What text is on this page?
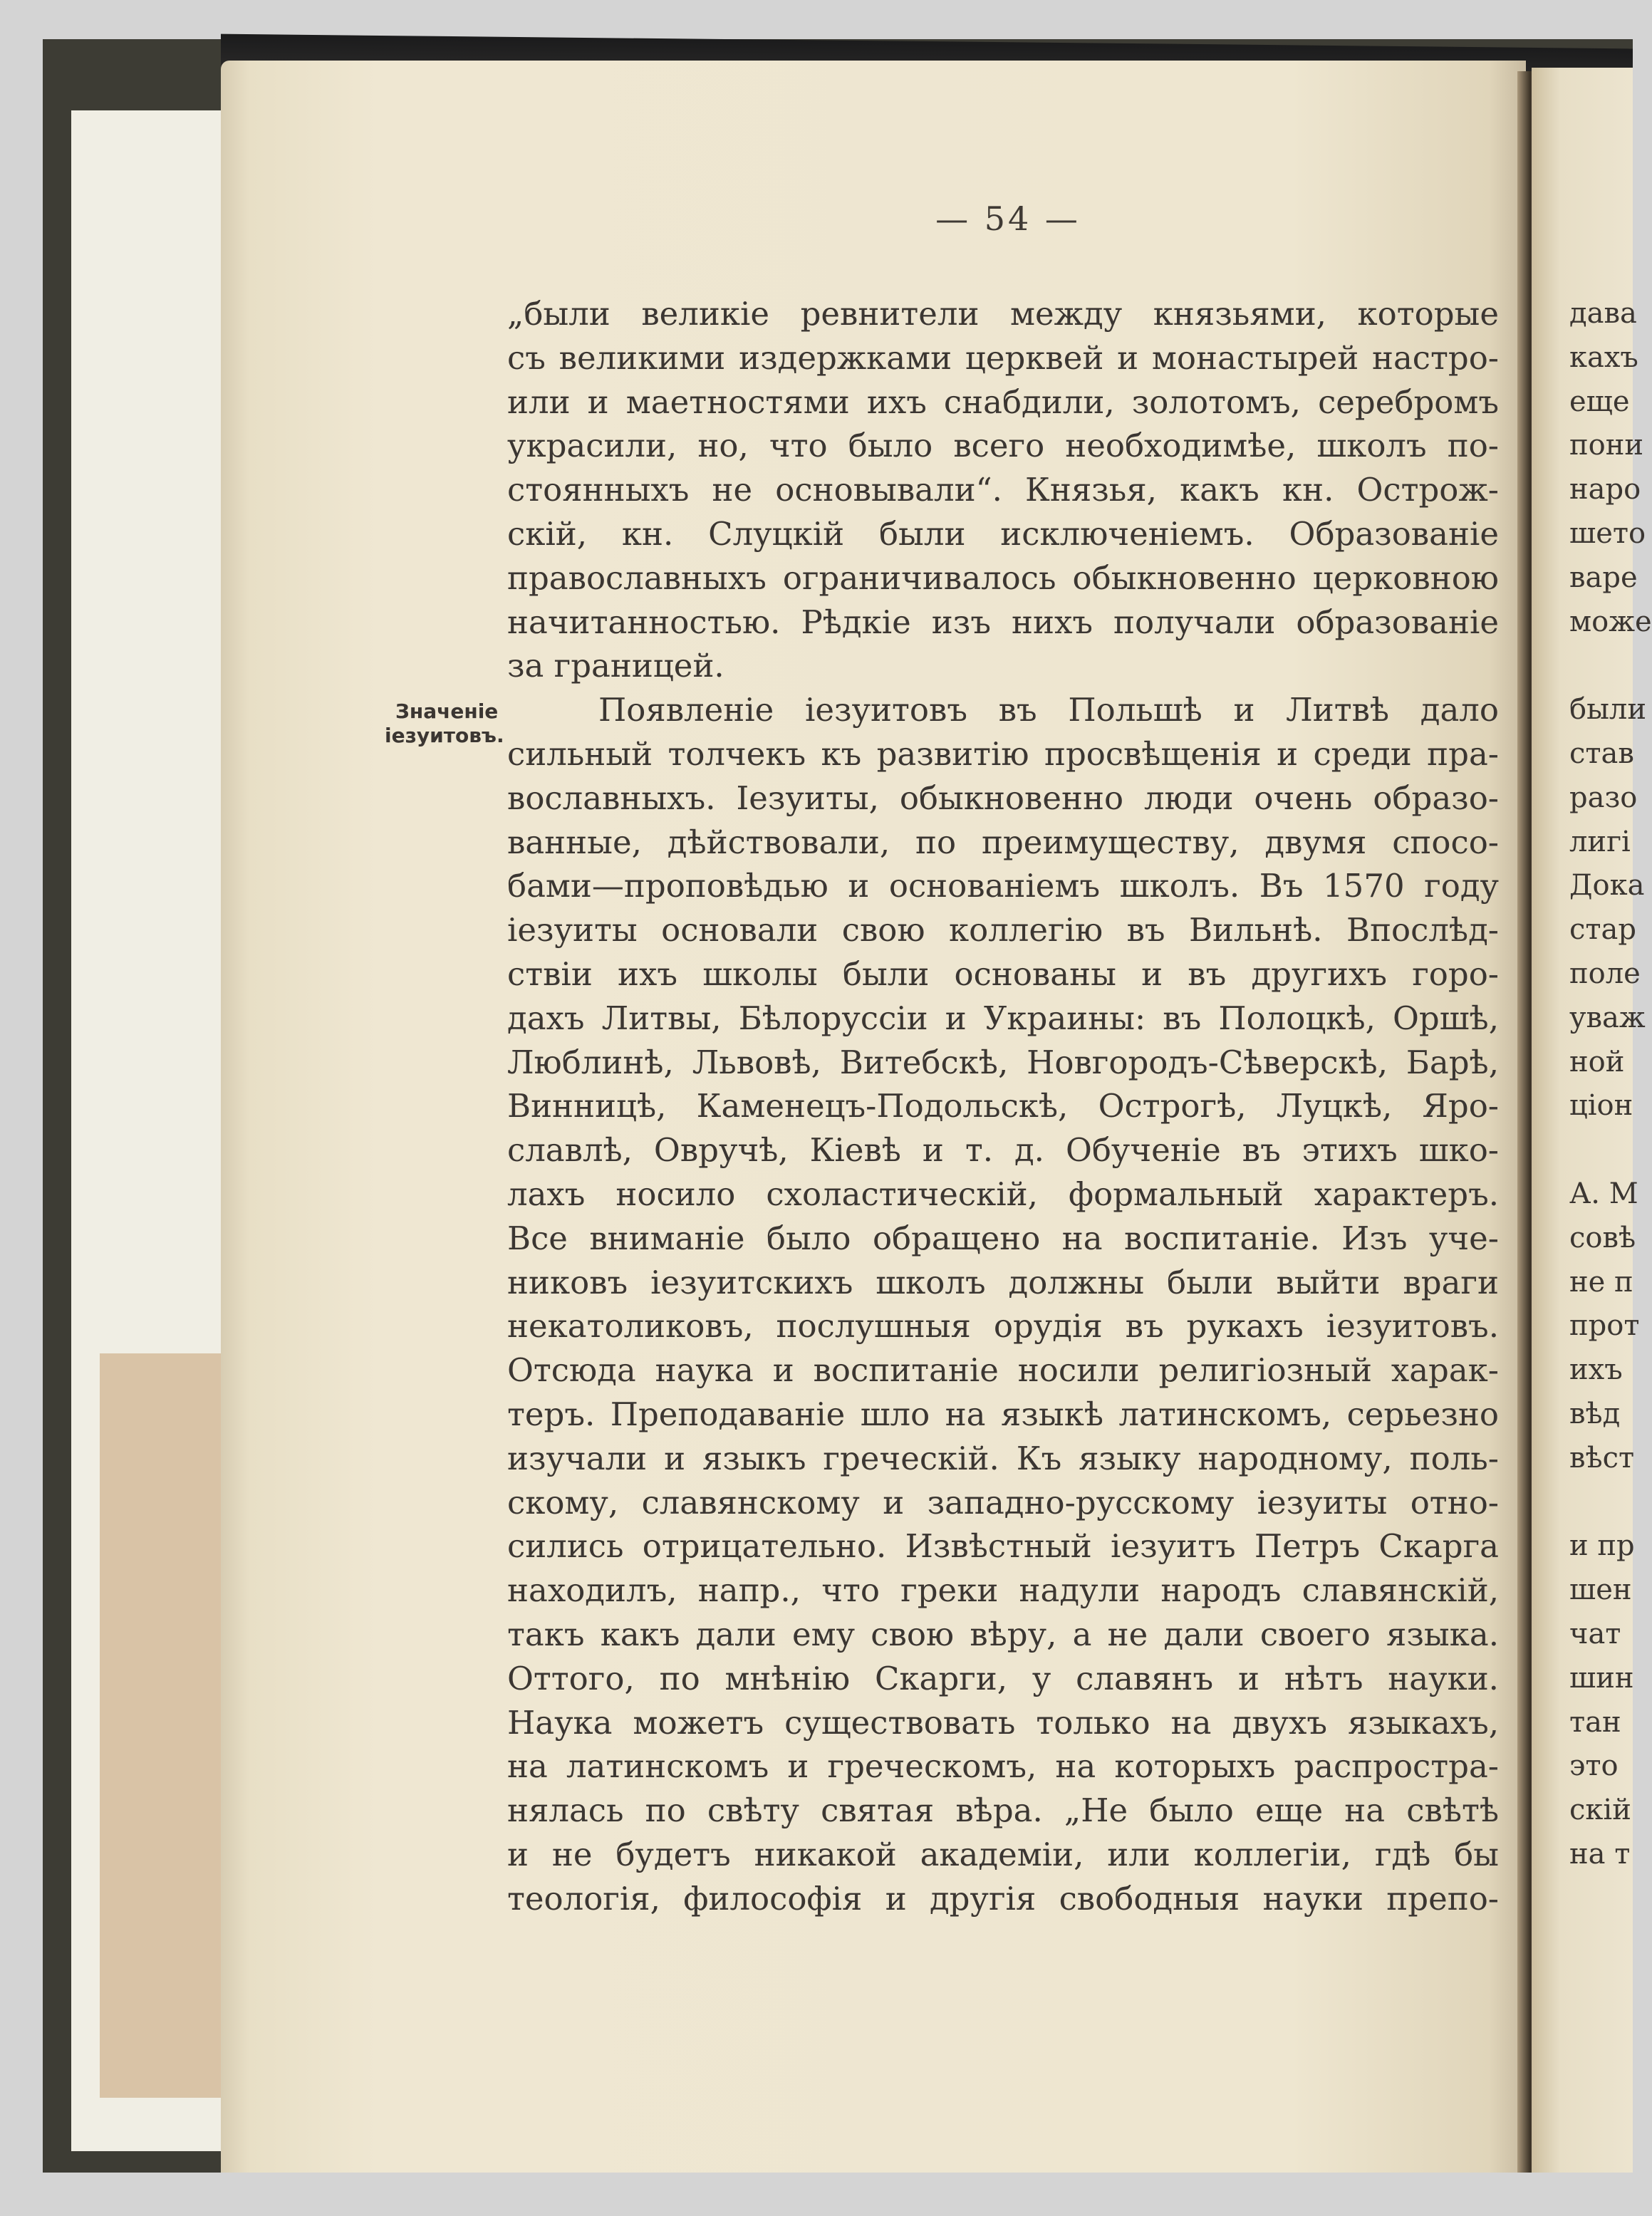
— 54 —
Значеніе
іезуитовъ.
„были великіе ревнители между князьями, которые
съ великими издержками церквей и монастырей настро-
или и маетностями ихъ снабдили, золотомъ, серебромъ
украсили, но, что было всего необходимѣе, школъ по-
стоянныхъ не основывали“. Князья, какъ кн. Острож-
скій, кн. Слуцкій были исключеніемъ. Образованіе
православныхъ ограничивалось обыкновенно церковною
начитанностью. Рѣдкіе изъ нихъ получали образованіе
за границей.
Появленіе іезуитовъ въ Польшѣ и Литвѣ дало
сильный толчекъ къ развитію просвѣщенія и среди пра-
вославныхъ. Іезуиты, обыкновенно люди очень образо-
ванные, дѣйствовали, по преимуществу, двумя спосо-
бами—проповѣдью и основаніемъ школъ. Въ 1570 году
іезуиты основали свою коллегію въ Вильнѣ. Впослѣд-
ствіи ихъ школы были основаны и въ другихъ горо-
дахъ Литвы, Бѣлоруссіи и Украины: въ Полоцкѣ, Оршѣ,
Люблинѣ, Львовѣ, Витебскѣ, Новгородъ-Сѣверскѣ, Барѣ,
Винницѣ, Каменецъ-Подольскѣ, Острогѣ, Луцкѣ, Яро-
славлѣ, Овручѣ, Кіевѣ и т. д. Обученіе въ этихъ шко-
лахъ носило схоластическій, формальный характеръ.
Все вниманіе было обращено на воспитаніе. Изъ уче-
никовъ іезуитскихъ школъ должны были выйти враги
некатоликовъ, послушныя орудія въ рукахъ іезуитовъ.
Отсюда наука и воспитаніе носили религіозный харак-
теръ. Преподаваніе шло на языкѣ латинскомъ, серьезно
изучали и языкъ греческій. Къ языку народному, поль-
скому, славянскому и западно-русскому іезуиты отно-
сились отрицательно. Извѣстный іезуитъ Петръ Скарга
находилъ, напр., что греки надули народъ славянскій,
такъ какъ дали ему свою вѣру, а не дали своего языка.
Оттого, по мнѣнію Скарги, у славянъ и нѣтъ науки.
Наука можетъ существовать только на двухъ языкахъ,
на латинскомъ и греческомъ, на которыхъ распростра-
нялась по свѣту святая вѣра. „Не было еще на свѣтѣ
и не будетъ никакой академіи, или коллегіи, гдѣ бы
теологія, философія и другія свободныя науки препо-
дава
кахъ
еще
пони
наро
шето
варе
може
были
став
разо
лигі
Дока
стар
поле
уваж
ной
ціон
А. М
совѣ
не п
прот
ихъ
вѣд
вѣст
и пр
шен
чат
шин
тан
это
скій
на т
